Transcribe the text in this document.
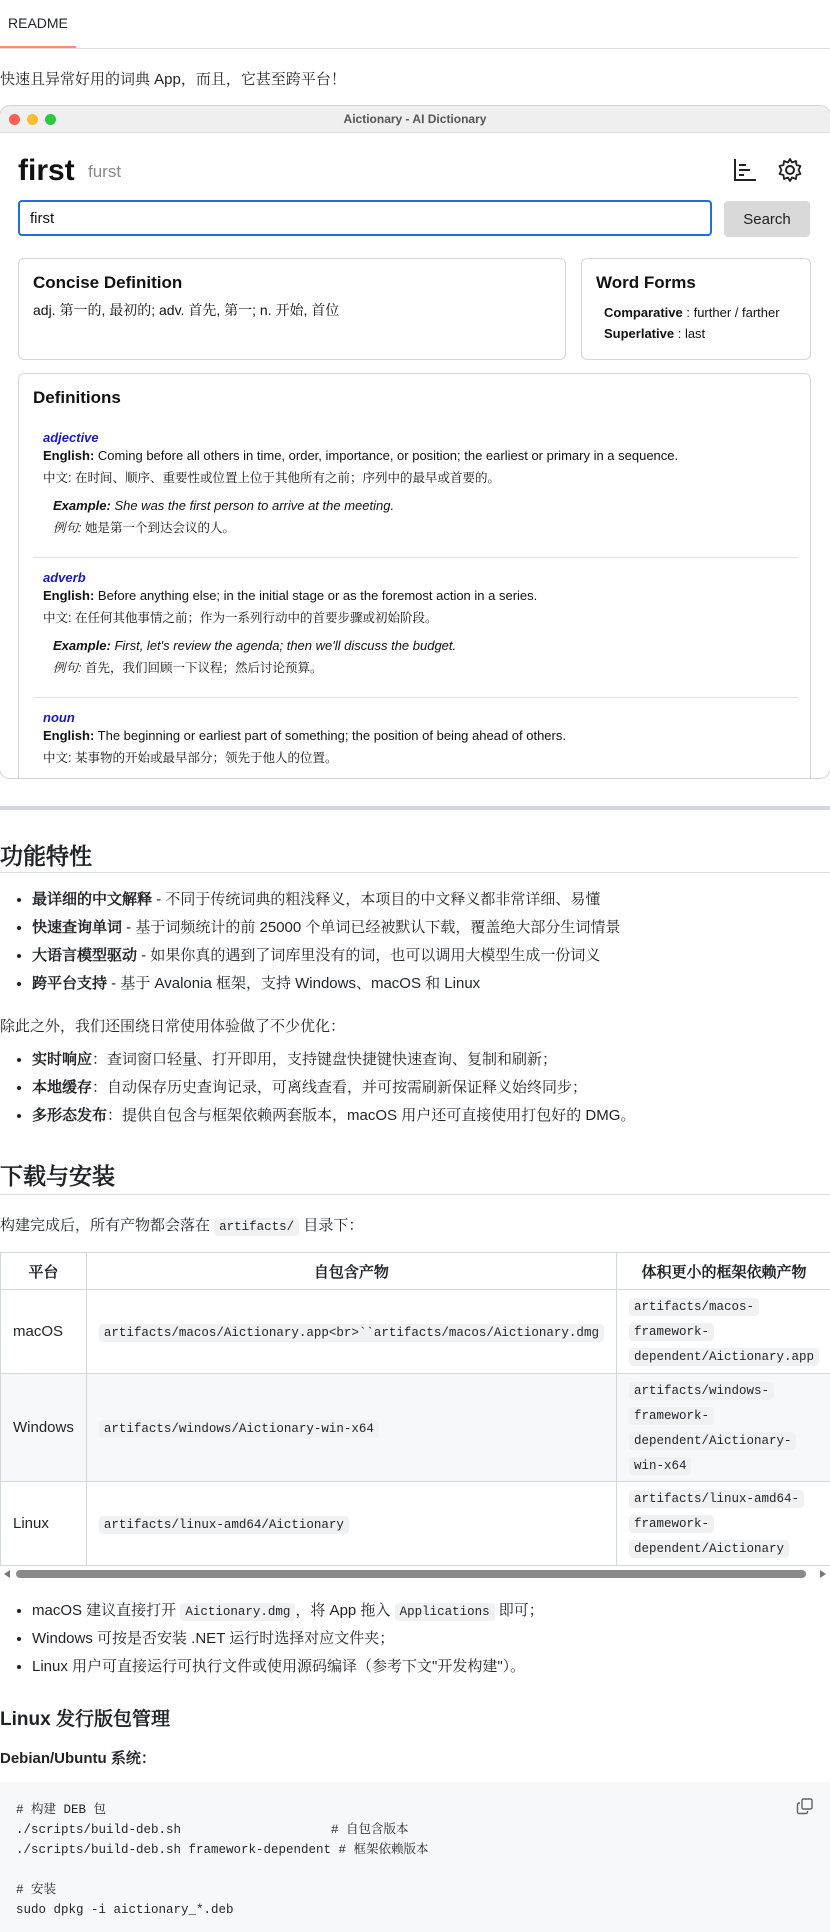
README
快速且异常好用的词典 App，而且，它甚至跨平台！
Aictionary - AI Dictionary
first furst
first
Search
Concise Definition
adj. 第一的, 最初的; adv. 首先, 第一; n. 开始, 首位
Word Forms
Comparative : further / farther
Superlative : last
Definitions
adjective
English: Coming before all others in time, order, importance, or position; the earliest or primary in a sequence.
中文: 在时间、顺序、重要性或位置上位于其他所有之前；序列中的最早或首要的。
Example: She was the first person to arrive at the meeting.
例句: 她是第一个到达会议的人。
adverb
English: Before anything else; in the initial stage or as the foremost action in a series.
中文: 在任何其他事情之前；作为一系列行动中的首要步骤或初始阶段。
Example: First, let's review the agenda; then we'll discuss the budget.
例句: 首先，我们回顾一下议程；然后讨论预算。
noun
English: The beginning or earliest part of something; the position of being ahead of others.
中文: 某事物的开始或最早部分；领先于他人的位置。
功能特性
• 最详细的中文解释 - 不同于传统词典的粗浅释义，本项目的中文释义都非常详细、易懂
• 快速查询单词 - 基于词频统计的前 25000 个单词已经被默认下载，覆盖绝大部分生词情景
• 大语言模型驱动 - 如果你真的遇到了词库里没有的词，也可以调用大模型生成一份词义
• 跨平台支持 - 基于 Avalonia 框架，支持 Windows、macOS 和 Linux
除此之外，我们还围绕日常使用体验做了不少优化：
• 实时响应：查词窗口轻量、打开即用，支持键盘快捷键快速查询、复制和刷新；
• 本地缓存：自动保存历史查询记录，可离线查看，并可按需刷新保证释义始终同步；
• 多形态发布：提供自包含与框架依赖两套版本，macOS 用户还可直接使用打包好的 DMG。
下载与安装
构建完成后，所有产物都会落在 artifacts/ 目录下：
平台	自包含产物	体积更小的框架依赖产物
macOS	artifacts/macos/Aictionary.app<br>``artifacts/macos/Aictionary.dmg	artifacts/macos-
framework-
dependent/Aictionary.app
Windows	artifacts/windows/Aictionary-win-x64	artifacts/windows-
framework-
dependent/Aictionary-
win-x64
Linux	artifacts/linux-amd64/Aictionary	artifacts/linux-amd64-
framework-
dependent/Aictionary
• macOS 建议直接打开 Aictionary.dmg ，将 App 拖入 Applications 即可；
• Windows 可按是否安装 .NET 运行时选择对应文件夹；
• Linux 用户可直接运行可执行文件或使用源码编译（参考下文"开发构建"）。
Linux 发行版包管理
Debian/Ubuntu 系统：
# 构建 DEB 包
./scripts/build-deb.sh                    # 自包含版本
./scripts/build-deb.sh framework-dependent # 框架依赖版本

# 安装
sudo dpkg -i aictionary_*.deb
